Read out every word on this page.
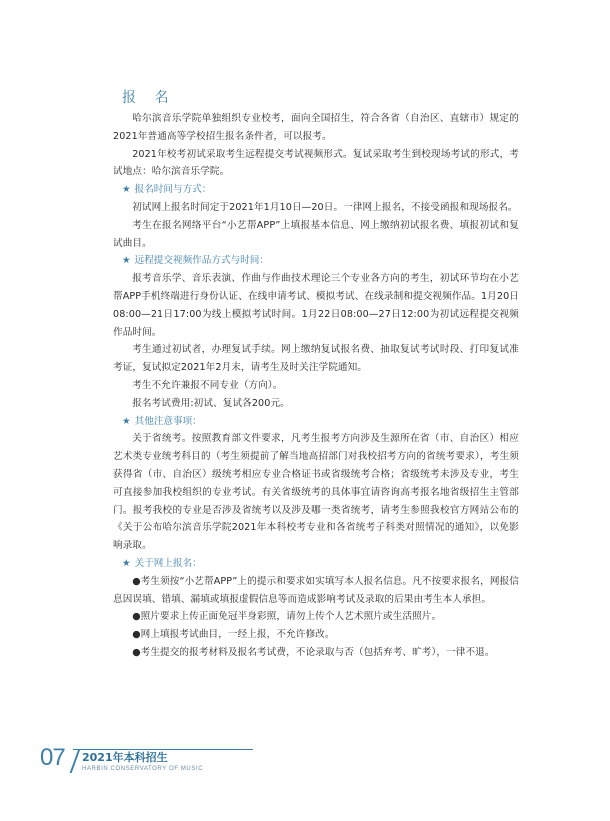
报 名

哈尔滨音乐学院单独组织专业校考，面向全国招生，符合各省（自治区、直辖市）规定的2021年普通高等学校招生报名条件者，可以报考。

2021年校考初试采取考生远程提交考试视频形式。复试采取考生到校现场考试的形式，考试地点：哈尔滨音乐学院。

★ 报名时间与方式：

初试网上报名时间定于2021年1月10日—20日。一律网上报名，不接受函报和现场报名。

考生在报名网络平台“小艺帮APP”上填报基本信息、网上缴纳初试报名费、填报初试和复试曲目。

★ 远程提交视频作品方式与时间：

报考音乐学、音乐表演、作曲与作曲技术理论三个专业各方向的考生，初试环节均在小艺帮APP手机终端进行身份认证、在线申请考试、模拟考试、在线录制和提交视频作品。1月20日08:00—21日17:00为线上模拟考试时间。1月22日08:00—27日12:00为初试远程提交视频作品时间。

考生通过初试者，办理复试手续。网上缴纳复试报名费、抽取复试考试时段、打印复试准考证，复试拟定2021年2月末，请考生及时关注学院通知。

考生不允许兼报不同专业（方向）。

报名考试费用:初试、复试各200元。

★ 其他注意事项：

关于省统考。按照教育部文件要求，凡考生报考方向涉及生源所在省（市、自治区）相应艺术类专业统考科目的（考生须提前了解当地高招部门对我校招考方向的省统考要求），考生须获得省（市、自治区）级统考相应专业合格证书或省级统考合格；省级统考未涉及专业，考生可直接参加我校组织的专业考试。有关省级统考的具体事宜请咨询高考报名地省级招生主管部门。报考我校的专业是否涉及省统考以及涉及哪一类省统考，请考生参照我校官方网站公布的《关于公布哈尔滨音乐学院2021年本科校考专业和各省统考子科类对照情况的通知》，以免影响录取。

★ 关于网上报名：

●考生须按“小艺帮APP”上的提示和要求如实填写本人报名信息。凡不按要求报名，网报信息因误填、错填、漏填或填报虚假信息等而造成影响考试及录取的后果由考生本人承担。

●照片要求上传正面免冠半身彩照，请勿上传个人艺术照片或生活照片。

●网上填报考试曲目，一经上报，不允许修改。

●考生提交的报考材料及报名考试费，不论录取与否（包括弃考、旷考），一律不退。

07 2021年本科招生
HARBIN CONSERVATORY OF MUSIC
